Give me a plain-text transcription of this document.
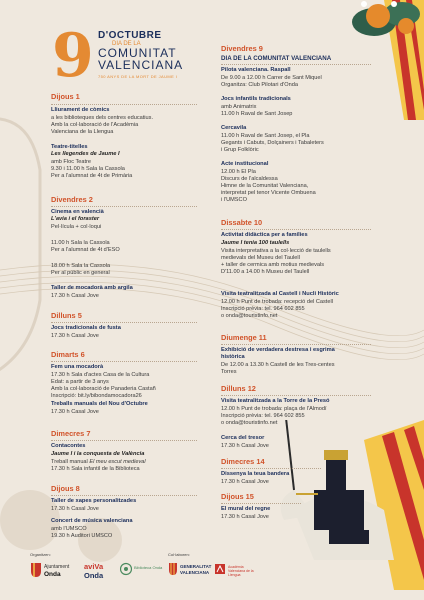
9 D'OCTUBRE
DIA DE LA
COMUNITAT
VALENCIANA
750 ANYS DE LA MORT DE JAUME I
Dijous 1
Lliurament de còmics
a les biblioteques dels centres educatius.
Amb la col·laboració de l'Acadèmia
Valenciana de la Llengua
Teatre-titelles
Les llegendes de Jaume I
amb Floc Teatre
9.30 i 11.00 h Sala la Cassola
Per a l'alumnat de 4t de Primària
Divendres 2
Cinema en valencià
L'avia i el foraster
Pel·lícula + col·loqui
11.00 h Sala la Cassola
Per a l'alumnat de 4t d'ESO
18.00 h Sala la Cassola
Per al públic en general
Taller de mocadorà amb argila
17.30 h Casal Jove
Dilluns 5
Jocs tradicionals de fusta
17.30 h Casal Jove
Dimarts 6
Fem una mocadorà
17.30 h Sala d'actes Casa de la Cultura
Edat: a partir de 3 anys
Amb la col·laboració de Panaderia Castañ
Inscripció: bit.ly/bibondamocadora26
Treballs manuals del Nou d'Octubre
17.30 h Casal Jove
Dimecres 7
Contacontes
Jaume I i la conquesta de València
Treball manual El meu escut medieval
17.30 h Sala infantil de la Biblioteca
Dijous 8
Taller de xapes personalitzades
17.30 h Casal Jove
Concert de música valenciana
amb l'UMSCO
19.30 h Auditori UMSCO
Divendres 9
DIA DE LA COMUNITAT VALENCIANA
Pilota valenciana. Raspall
De 9.00 a 12.00 h Carrer de Sant Miquel
Organitza: Club Pilotari d'Onda
Jocs infantils tradicionals
amb Animatrix
11.00 h Raval de Sant Josep
Cercavila
11.00 h Raval de Sant Josep, el Pla
Gegants i Cabuts, Dolçainers i Tabaleters
i Grup Folklòric
Acte institucional
12.00 h El Pla
Discurs de l'alcaldessa
Himne de la Comunitat Valenciana,
interpretat pel tenor Vicente Ombuena
i l'UMSCO
Dissabte 10
Activitat didàctica per a famílies
Jaume I tenia 100 taulells
Visita interpretativa a la col·lecció de taulells
medievals del Museu del Taulell
+ taller de cermica amb motius medievals
D'11.00 a 14.00 h Museu del Taulell
Visita teatralitzada al Castell i Nucli Històric
12.00 h Punt de trobada: recepció del Castell
Inscripció prèvia: tel. 964 602 855
o onda@touristinfo.net
Diumenge 11
Exhibició de verdadera destresa i esgrima
històrica
De 12.00 a 13.30 h Castell de les Tres-centes
Torres
Dilluns 12
Visita teatralitzada a la Torre de la Presó
12.00 h Punt de trobada: plaça de l'Almodí
Inscripció prèvia: tel. 964 602 855
o onda@touristinfo.net
Cerca del tresor
17.30 h Casal Jove
Dimecres 14
Dissenya la teua bandera
17.30 h Casal Jove
Dijous 15
El mural del regne
17.30 h Casal Jove
Organitzen:	Col·laboren:
Ajuntament
Onda
aviVa
Onda
Biblioteca Onda	GENERALITAT
VALENCIANA
Acadèmia Valenciana de la Llengua
